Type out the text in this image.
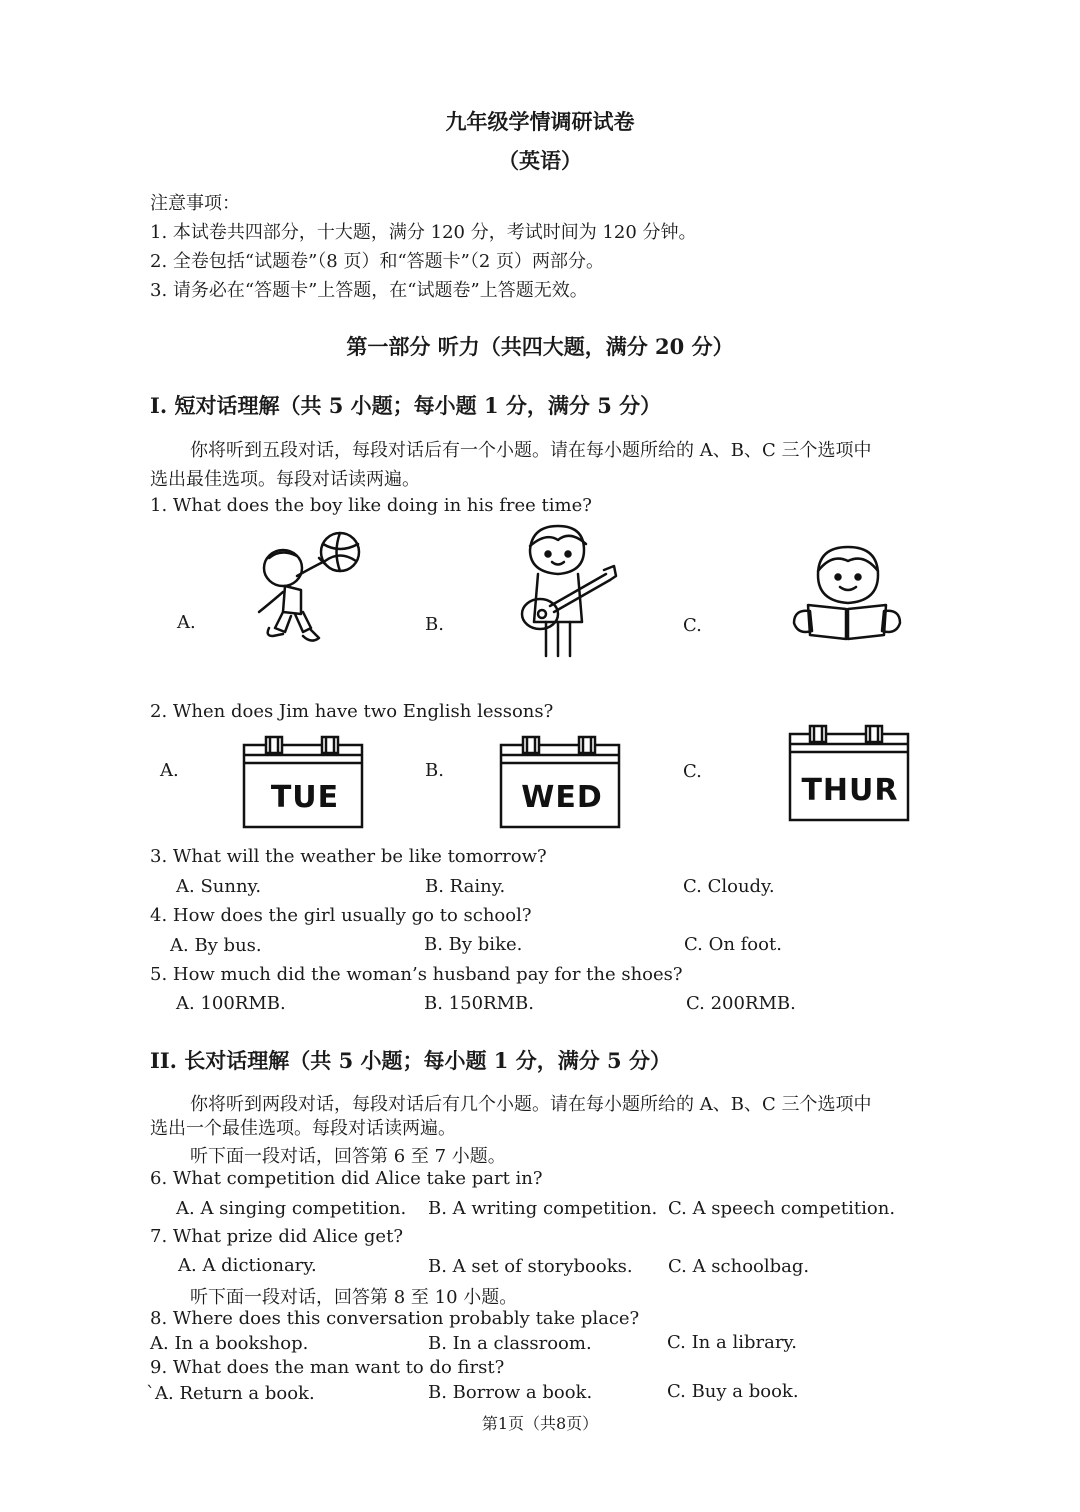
九年级学情调研试卷
（英语）
注意事项：
1. 本试卷共四部分，十大题，满分 120 分，考试时间为 120 分钟。
2. 全卷包括“试题卷”（8 页）和“答题卡”（2 页）两部分。
3. 请务必在“答题卡”上答题，在“试题卷”上答题无效。
第一部分 听力（共四大题，满分 20 分）
I. 短对话理解（共 5 小题；每小题 1 分，满分 5 分）
你将听到五段对话，每段对话后有一个小题。请在每小题所给的 A、B、C 三个选项中
选出最佳选项。每段对话读两遍。
1. What does the boy like doing in his free time?
A.	B.	C.
2. When does Jim have two English lessons?
A.	B.	C.
TUE	WED	THUR
3. What will the weather be like tomorrow?
A. Sunny.	B. Rainy.	C. Cloudy.
4. How does the girl usually go to school?
A. By bus.	B. By bike.	C. On foot.
5. How much did the woman’s husband pay for the shoes?
A. 100RMB.	B. 150RMB.	C. 200RMB.
II. 长对话理解（共 5 小题；每小题 1 分，满分 5 分）
你将听到两段对话，每段对话后有几个小题。请在每小题所给的 A、B、C 三个选项中
选出一个最佳选项。每段对话读两遍。
听下面一段对话，回答第 6 至 7 小题。
6. What competition did Alice take part in?
A. A singing competition. B. A writing competition. C. A speech competition.
7. What prize did Alice get?
A. A dictionary.	B. A set of storybooks. C. A schoolbag.
听下面一段对话，回答第 8 至 10 小题。
8. Where does this conversation probably take place?
A. In a bookshop.	B. In a classroom.	C. In a library.
9. What does the man want to do first?
`A. Return a book.	B. Borrow a book.	C. Buy a book.
第1页（共8页）
